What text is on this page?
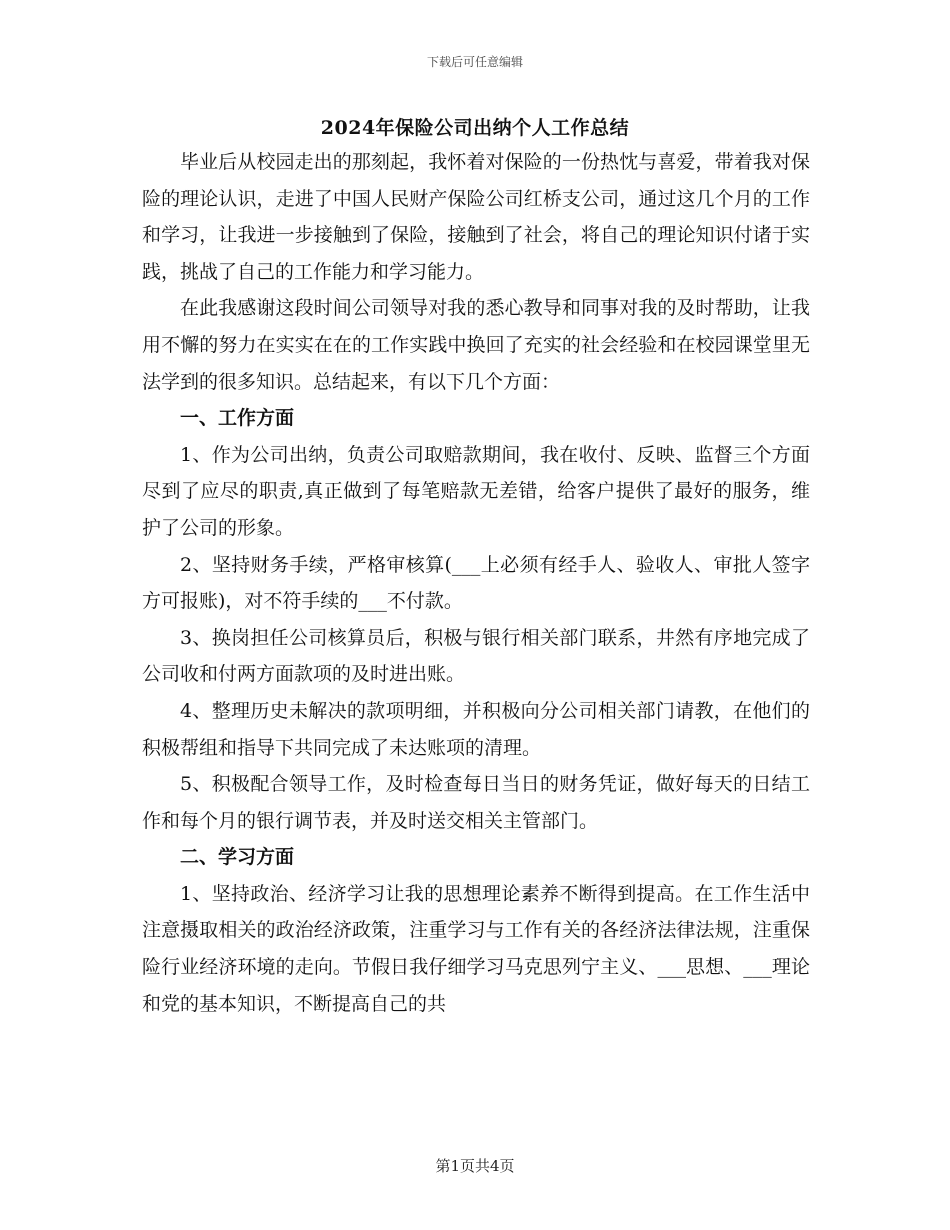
下载后可任意编辑
2024年保险公司出纳个人工作总结

毕业后从校园走出的那刻起，我怀着对保险的一份热忱与喜爱，带着我对保险的理论认识，走进了中国人民财产保险公司红桥支公司，通过这几个月的工作和学习，让我进一步接触到了保险，接触到了社会，将自己的理论知识付诸于实践，挑战了自己的工作能力和学习能力。

在此我感谢这段时间公司领导对我的悉心教导和同事对我的及时帮助，让我用不懈的努力在实实在在的工作实践中换回了充实的社会经验和在校园课堂里无法学到的很多知识。总结起来，有以下几个方面：

一、工作方面

1、作为公司出纳，负责公司取赔款期间，我在收付、反映、监督三个方面尽到了应尽的职责,真正做到了每笔赔款无差错，给客户提供了最好的服务，维护了公司的形象。

2、坚持财务手续，严格审核算(___上必须有经手人、验收人、审批人签字方可报账)，对不符手续的___不付款。

3、换岗担任公司核算员后，积极与银行相关部门联系，井然有序地完成了公司收和付两方面款项的及时进出账。

4、整理历史未解决的款项明细，并积极向分公司相关部门请教，在他们的积极帮组和指导下共同完成了未达账项的清理。

5、积极配合领导工作，及时检查每日当日的财务凭证，做好每天的日结工作和每个月的银行调节表，并及时送交相关主管部门。

二、学习方面

1、坚持政治、经济学习让我的思想理论素养不断得到提高。在工作生活中注意摄取相关的政治经济政策，注重学习与工作有关的各经济法律法规，注重保险行业经济环境的走向。节假日我仔细学习马克思列宁主义、___思想、___理论和党的基本知识，不断提高自己的共

第1页共4页
